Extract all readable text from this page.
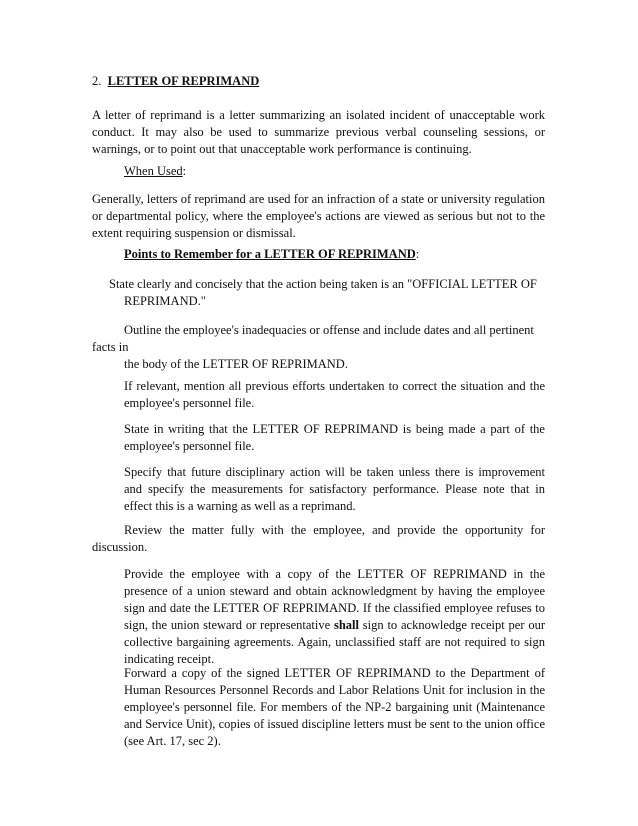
2. LETTER OF REPRIMAND

A letter of reprimand is a letter summarizing an isolated incident of unacceptable work conduct. It may also be used to summarize previous verbal counseling sessions, or warnings, or to point out that unacceptable work performance is continuing.

When Used:

Generally, letters of reprimand are used for an infraction of a state or university regulation or departmental policy, where the employee's actions are viewed as serious but not to the extent requiring suspension or dismissal.

Points to Remember for a LETTER OF REPRIMAND:

State clearly and concisely that the action being taken is an "OFFICIAL LETTER OF

REPRIMAND."

Outline the employee's inadequacies or offense and include dates and all pertinent

facts in

the body of the LETTER OF REPRIMAND.

If relevant, mention all previous efforts undertaken to correct the situation and the employee's personnel file.

State in writing that the LETTER OF REPRIMAND is being made a part of the employee's personnel file.

Specify that future disciplinary action will be taken unless there is improvement and specify the measurements for satisfactory performance. Please note that in effect this is a warning as well as a reprimand.

Review the matter fully with the employee, and provide the opportunity for

discussion.

Provide the employee with a copy of the LETTER OF REPRIMAND in the presence of a union steward and obtain acknowledgment by having the employee sign and date the LETTER OF REPRIMAND. If the classified employee refuses to sign, the union steward or representative shall sign to acknowledge receipt per our collective bargaining agreements. Again, unclassified staff are not required to sign indicating receipt.

Forward a copy of the signed LETTER OF REPRIMAND to the Department of Human Resources Personnel Records and Labor Relations Unit for inclusion in the employee's personnel file. For members of the NP-2 bargaining unit (Maintenance and Service Unit), copies of issued discipline letters must be sent to the union office (see Art. 17, sec 2).
